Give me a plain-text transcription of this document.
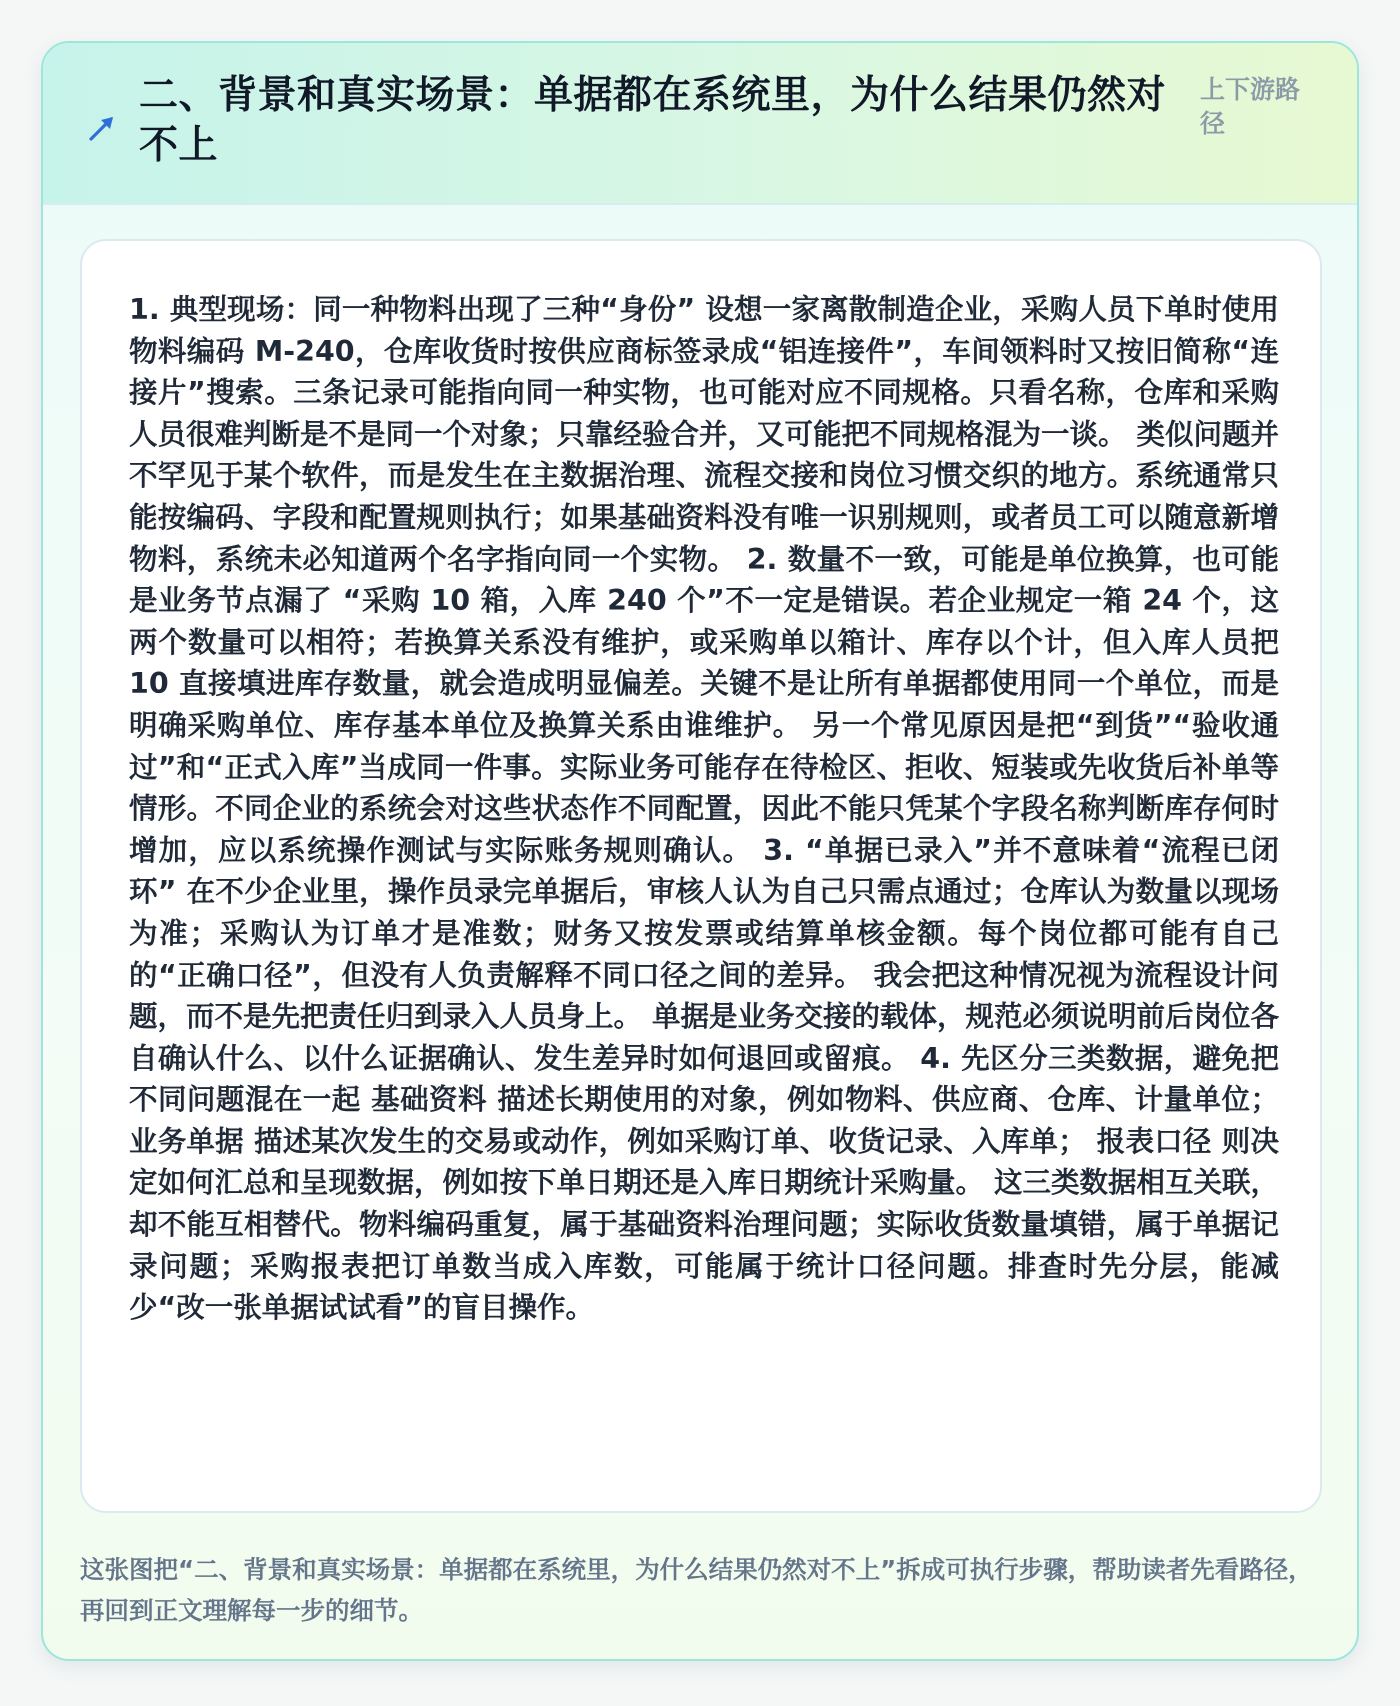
二、背景和真实场景：单据都在系统里，为什么结果仍然对不上
上下游路径

1. 典型现场：同一种物料出现了三种“身份” 设想一家离散制造企业，采购人员下单时使用物料编码 M-240，仓库收货时按供应商标签录成“铝连接件”，车间领料时又按旧简称“连接片”搜索。三条记录可能指向同一种实物，也可能对应不同规格。只看名称，仓库和采购人员很难判断是不是同一个对象；只靠经验合并，又可能把不同规格混为一谈。 类似问题并不罕见于某个软件，而是发生在主数据治理、流程交接和岗位习惯交织的地方。系统通常只能按编码、字段和配置规则执行；如果基础资料没有唯一识别规则，或者员工可以随意新增物料，系统未必知道两个名字指向同一个实物。 2. 数量不一致，可能是单位换算，也可能是业务节点漏了 “采购 10 箱，入库 240 个”不一定是错误。若企业规定一箱 24 个，这两个数量可以相符；若换算关系没有维护，或采购单以箱计、库存以个计，但入库人员把 10 直接填进库存数量，就会造成明显偏差。关键不是让所有单据都使用同一个单位，而是明确采购单位、库存基本单位及换算关系由谁维护。 另一个常见原因是把“到货”“验收通过”和“正式入库”当成同一件事。实际业务可能存在待检区、拒收、短装或先收货后补单等情形。不同企业的系统会对这些状态作不同配置，因此不能只凭某个字段名称判断库存何时增加，应以系统操作测试与实际账务规则确认。 3. “单据已录入”并不意味着“流程已闭环” 在不少企业里，操作员录完单据后，审核人认为自己只需点通过；仓库认为数量以现场为准；采购认为订单才是准数；财务又按发票或结算单核金额。每个岗位都可能有自己的“正确口径”，但没有人负责解释不同口径之间的差异。 我会把这种情况视为流程设计问题，而不是先把责任归到录入人员身上。 单据是业务交接的载体，规范必须说明前后岗位各自确认什么、以什么证据确认、发生差异时如何退回或留痕。 4. 先区分三类数据，避免把不同问题混在一起 基础资料 描述长期使用的对象，例如物料、供应商、仓库、计量单位； 业务单据 描述某次发生的交易或动作，例如采购订单、收货记录、入库单； 报表口径 则决定如何汇总和呈现数据，例如按下单日期还是入库日期统计采购量。 这三类数据相互关联，却不能互相替代。物料编码重复，属于基础资料治理问题；实际收货数量填错，属于单据记录问题；采购报表把订单数当成入库数，可能属于统计口径问题。排查时先分层，能减少“改一张单据试试看”的盲目操作。

这张图把“二、背景和真实场景：单据都在系统里，为什么结果仍然对不上”拆成可执行步骤，帮助读者先看路径，再回到正文理解每一步的细节。
